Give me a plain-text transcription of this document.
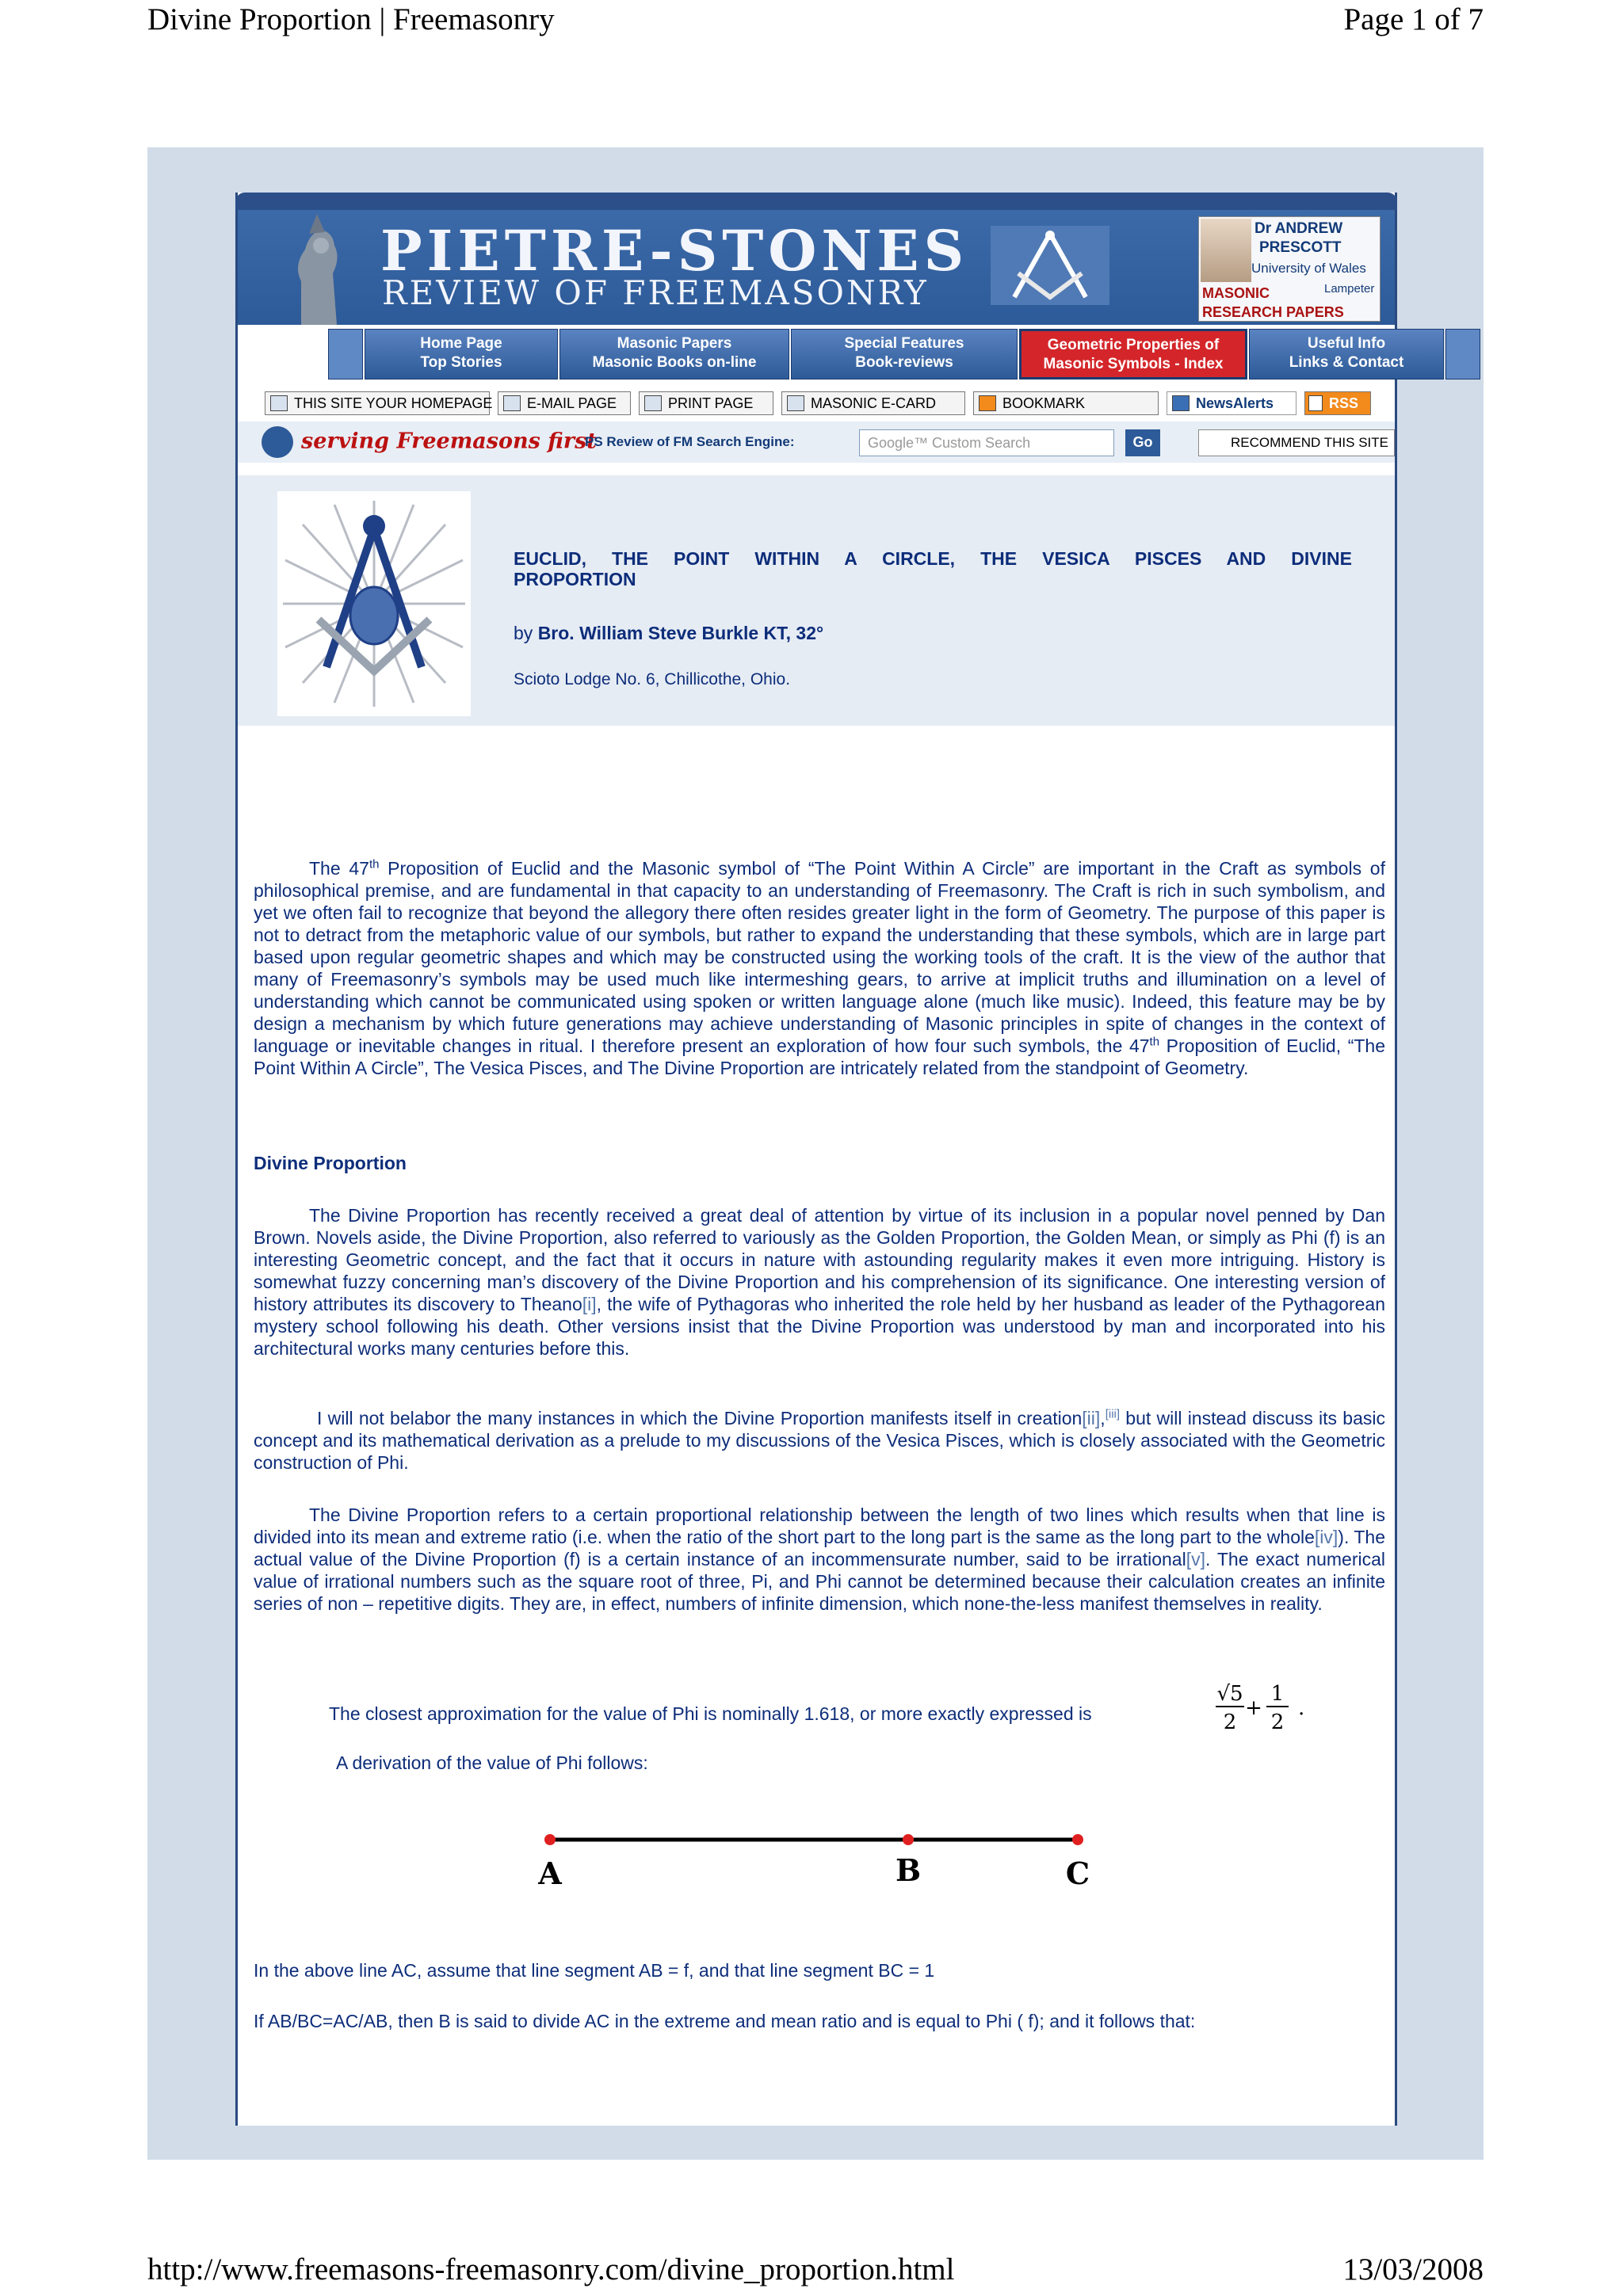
Divine Proportion | Freemasonry	Page 1 of 7
PIETRE-STONES
REVIEW OF FREEMASONRY
Dr ANDREW
PRESCOTT
University of Wales
Lampeter
MASONIC
RESEARCH PAPERS
Home Page
Top Stories
Masonic Papers
Masonic Books on-line
Special Features
Book-reviews
Geometric Properties of
Masonic Symbols - Index
Useful Info
Links & Contact
THIS SITE YOUR HOMEPAGE	E-MAIL PAGE	PRINT PAGE	MASONIC E-CARD	BOOKMARK	NewsAlerts	RSS
serving Freemasons first
PS Review of FM Search Engine:	Google™ Custom Search	Go	RECOMMEND THIS SITE
EUCLID, THE POINT WITHIN A CIRCLE, THE VESICA PISCES AND DIVINE
PROPORTION
by Bro. William Steve Burkle KT, 32°
Scioto Lodge No. 6, Chillicothe, Ohio.

The 47th Proposition of Euclid and the Masonic symbol of “The Point Within A Circle” are important in the Craft as symbols of philosophical premise, and are fundamental in that capacity to an understanding of Freemasonry. The Craft is rich in such symbolism, and yet we often fail to recognize that beyond the allegory there often resides greater light in the form of Geometry. The purpose of this paper is not to detract from the metaphoric value of our symbols, but rather to expand the understanding that these symbols, which are in large part based upon regular geometric shapes and which may be constructed using the working tools of the craft. It is the view of the author that many of Freemasonry’s symbols may be used much like intermeshing gears, to arrive at implicit truths and illumination on a level of understanding which cannot be communicated using spoken or written language alone (much like music). Indeed, this feature may be by design a mechanism by which future generations may achieve understanding of Masonic principles in spite of changes in the context of language or inevitable changes in ritual. I therefore present an exploration of how four such symbols, the 47th Proposition of Euclid, “The Point Within A Circle”, The Vesica Pisces, and The Divine Proportion are intricately related from the standpoint of Geometry.

Divine Proportion

The Divine Proportion has recently received a great deal of attention by virtue of its inclusion in a popular novel penned by Dan Brown. Novels aside, the Divine Proportion, also referred to variously as the Golden Proportion, the Golden Mean, or simply as Phi (f) is an interesting Geometric concept, and the fact that it occurs in nature with astounding regularity makes it even more intriguing. History is somewhat fuzzy concerning man’s discovery of the Divine Proportion and his comprehension of its significance. One interesting version of history attributes its discovery to Theano[i], the wife of Pythagoras who inherited the role held by her husband as leader of the Pythagorean mystery school following his death. Other versions insist that the Divine Proportion was understood by man and incorporated into his architectural works many centuries before this.

I will not belabor the many instances in which the Divine Proportion manifests itself in creation[ii],[iii] but will instead discuss its basic concept and its mathematical derivation as a prelude to my discussions of the Vesica Pisces, which is closely associated with the Geometric construction of Phi.

The Divine Proportion refers to a certain proportional relationship between the length of two lines which results when that line is divided into its mean and extreme ratio (i.e. when the ratio of the short part to the long part is the same as the long part to the whole[iv]). The actual value of the Divine Proportion (f) is a certain instance of an incommensurate number, said to be irrational[v]. The exact numerical value of irrational numbers such as the square root of three, Pi, and Phi cannot be determined because their calculation creates an infinite series of non – repetitive digits. They are, in effect, numbers of infinite dimension, which none-the-less manifest themselves in reality.

The closest approximation for the value of Phi is nominally 1.618, or more exactly expressed is
√5
2
+
1
2
.
A derivation of the value of Phi follows:
A	B	C
In the above line AC, assume that line segment AB = f, and that line segment BC = 1
If AB/BC=AC/AB, then B is said to divide AC in the extreme and mean ratio and is equal to Phi ( f); and it follows that:
http://www.freemasons-freemasonry.com/divine_proportion.html	13/03/2008
